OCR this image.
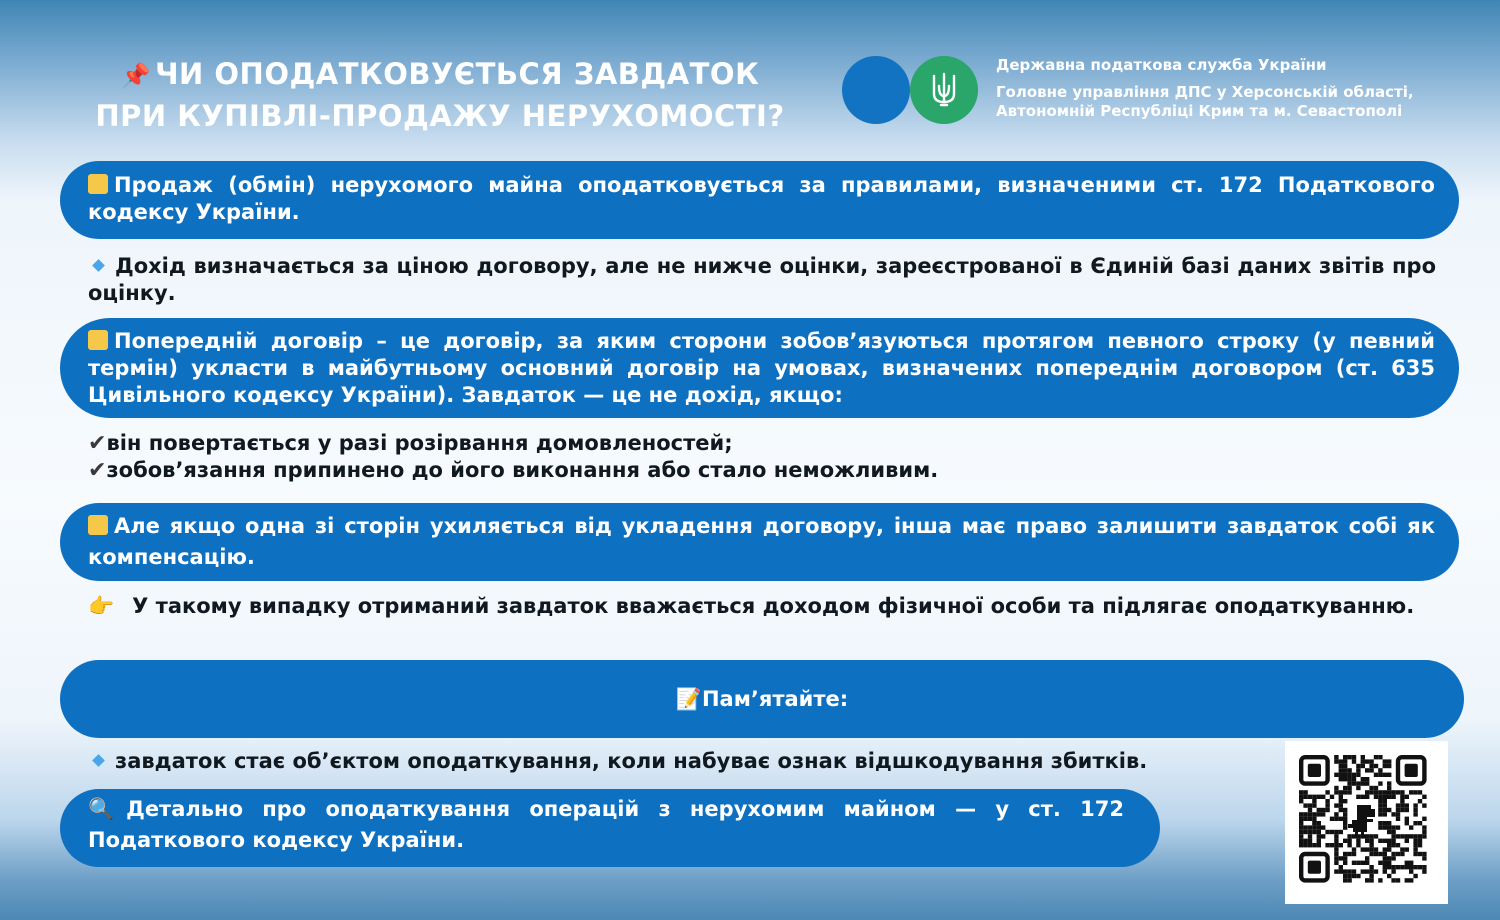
📌 ЧИ ОПОДАТКОВУЄТЬСЯ ЗАВДАТОК
ПРИ КУПІВЛІ-ПРОДАЖУ НЕРУХОМОСТІ?
Державна податкова служба України
Головне управління ДПС у Херсонській області,
Автономній Республіці Крим та м. Севастополі
Продаж (обмін) нерухомого майна оподатковується за правилами, визначеними ст. 172 Податкового кодексу України.
Дохід визначається за ціною договору, але не нижче оцінки, зареєстрованої в Єдиній базі даних звітів про оцінку.
Попередній договір – це договір, за яким сторони зобов’язуються протягом певного строку (у певний термін) укласти в майбутньому основний договір на умовах, визначених попереднім договором (ст. 635 Цивільного кодексу України). Завдаток — це не дохід, якщо:
✔він повертається у разі розірвання домовленостей;
✔зобов’язання припинено до його виконання або стало неможливим.
Але якщо одна зі сторін ухиляється від укладення договору, інша має право залишити завдаток собі як компенсацію.
👉 У такому випадку отриманий завдаток вважається доходом фізичної особи та підлягає оподаткуванню.
📝Пам’ятайте:
завдаток стає об’єктом оподаткування, коли набуває ознак відшкодування збитків.
🔍Детально про оподаткування операцій з нерухомим майном — у ст. 172 Податкового кодексу України.
